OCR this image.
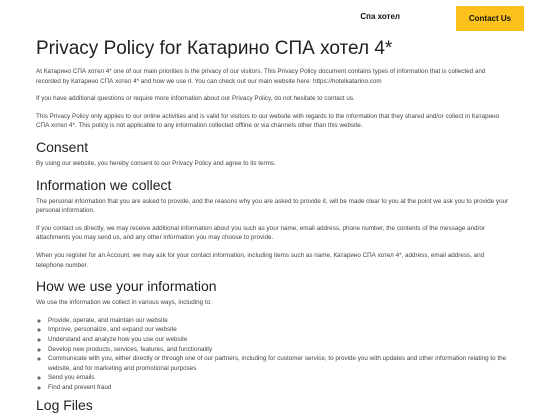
Спа хотел	Contact Us
Privacy Policy for Катарино СПА хотел 4*

At Катарино СПА хотел 4* one of our main priorities is the privacy of our visitors. This Privacy Policy document contains types of information that is collected and recorded by Катарино СПА хотел 4* and how we use it. You can check out our main website here: https://hotelkatarino.com

If you have additional questions or require more information about our Privacy Policy, do not hesitate to contact us.

This Privacy Policy only applies to our online activities and is valid for visitors to our website with regards to the information that they shared and/or collect in Катарино СПА хотел 4*. This policy is not applicable to any information collected offline or via channels other than this website.

Consent

By using our website, you hereby consent to our Privacy Policy and agree to its terms.

Information we collect

The personal information that you are asked to provide, and the reasons why you are asked to provide it, will be made clear to you at the point we ask you to provide your personal information.

If you contact us directly, we may receive additional information about you such as your name, email address, phone number, the contents of the message and/or attachments you may send us, and any other information you may choose to provide.

When you register for an Account, we may ask for your contact information, including items such as name, Катарино СПА хотел 4*, address, email address, and telephone number.

How we use your information

We use the information we collect in various ways, including to:

◦ Provide, operate, and maintain our website
◦ Improve, personalize, and expand our website
◦ Understand and analyze how you use our website
◦ Develop new products, services, features, and functionality
◦ Communicate with you, either directly or through one of our partners, including for customer service, to provide you with updates and other information relating to the website, and for marketing and promotional purposes
◦ Send you emails
◦ Find and prevent fraud
Log Files
